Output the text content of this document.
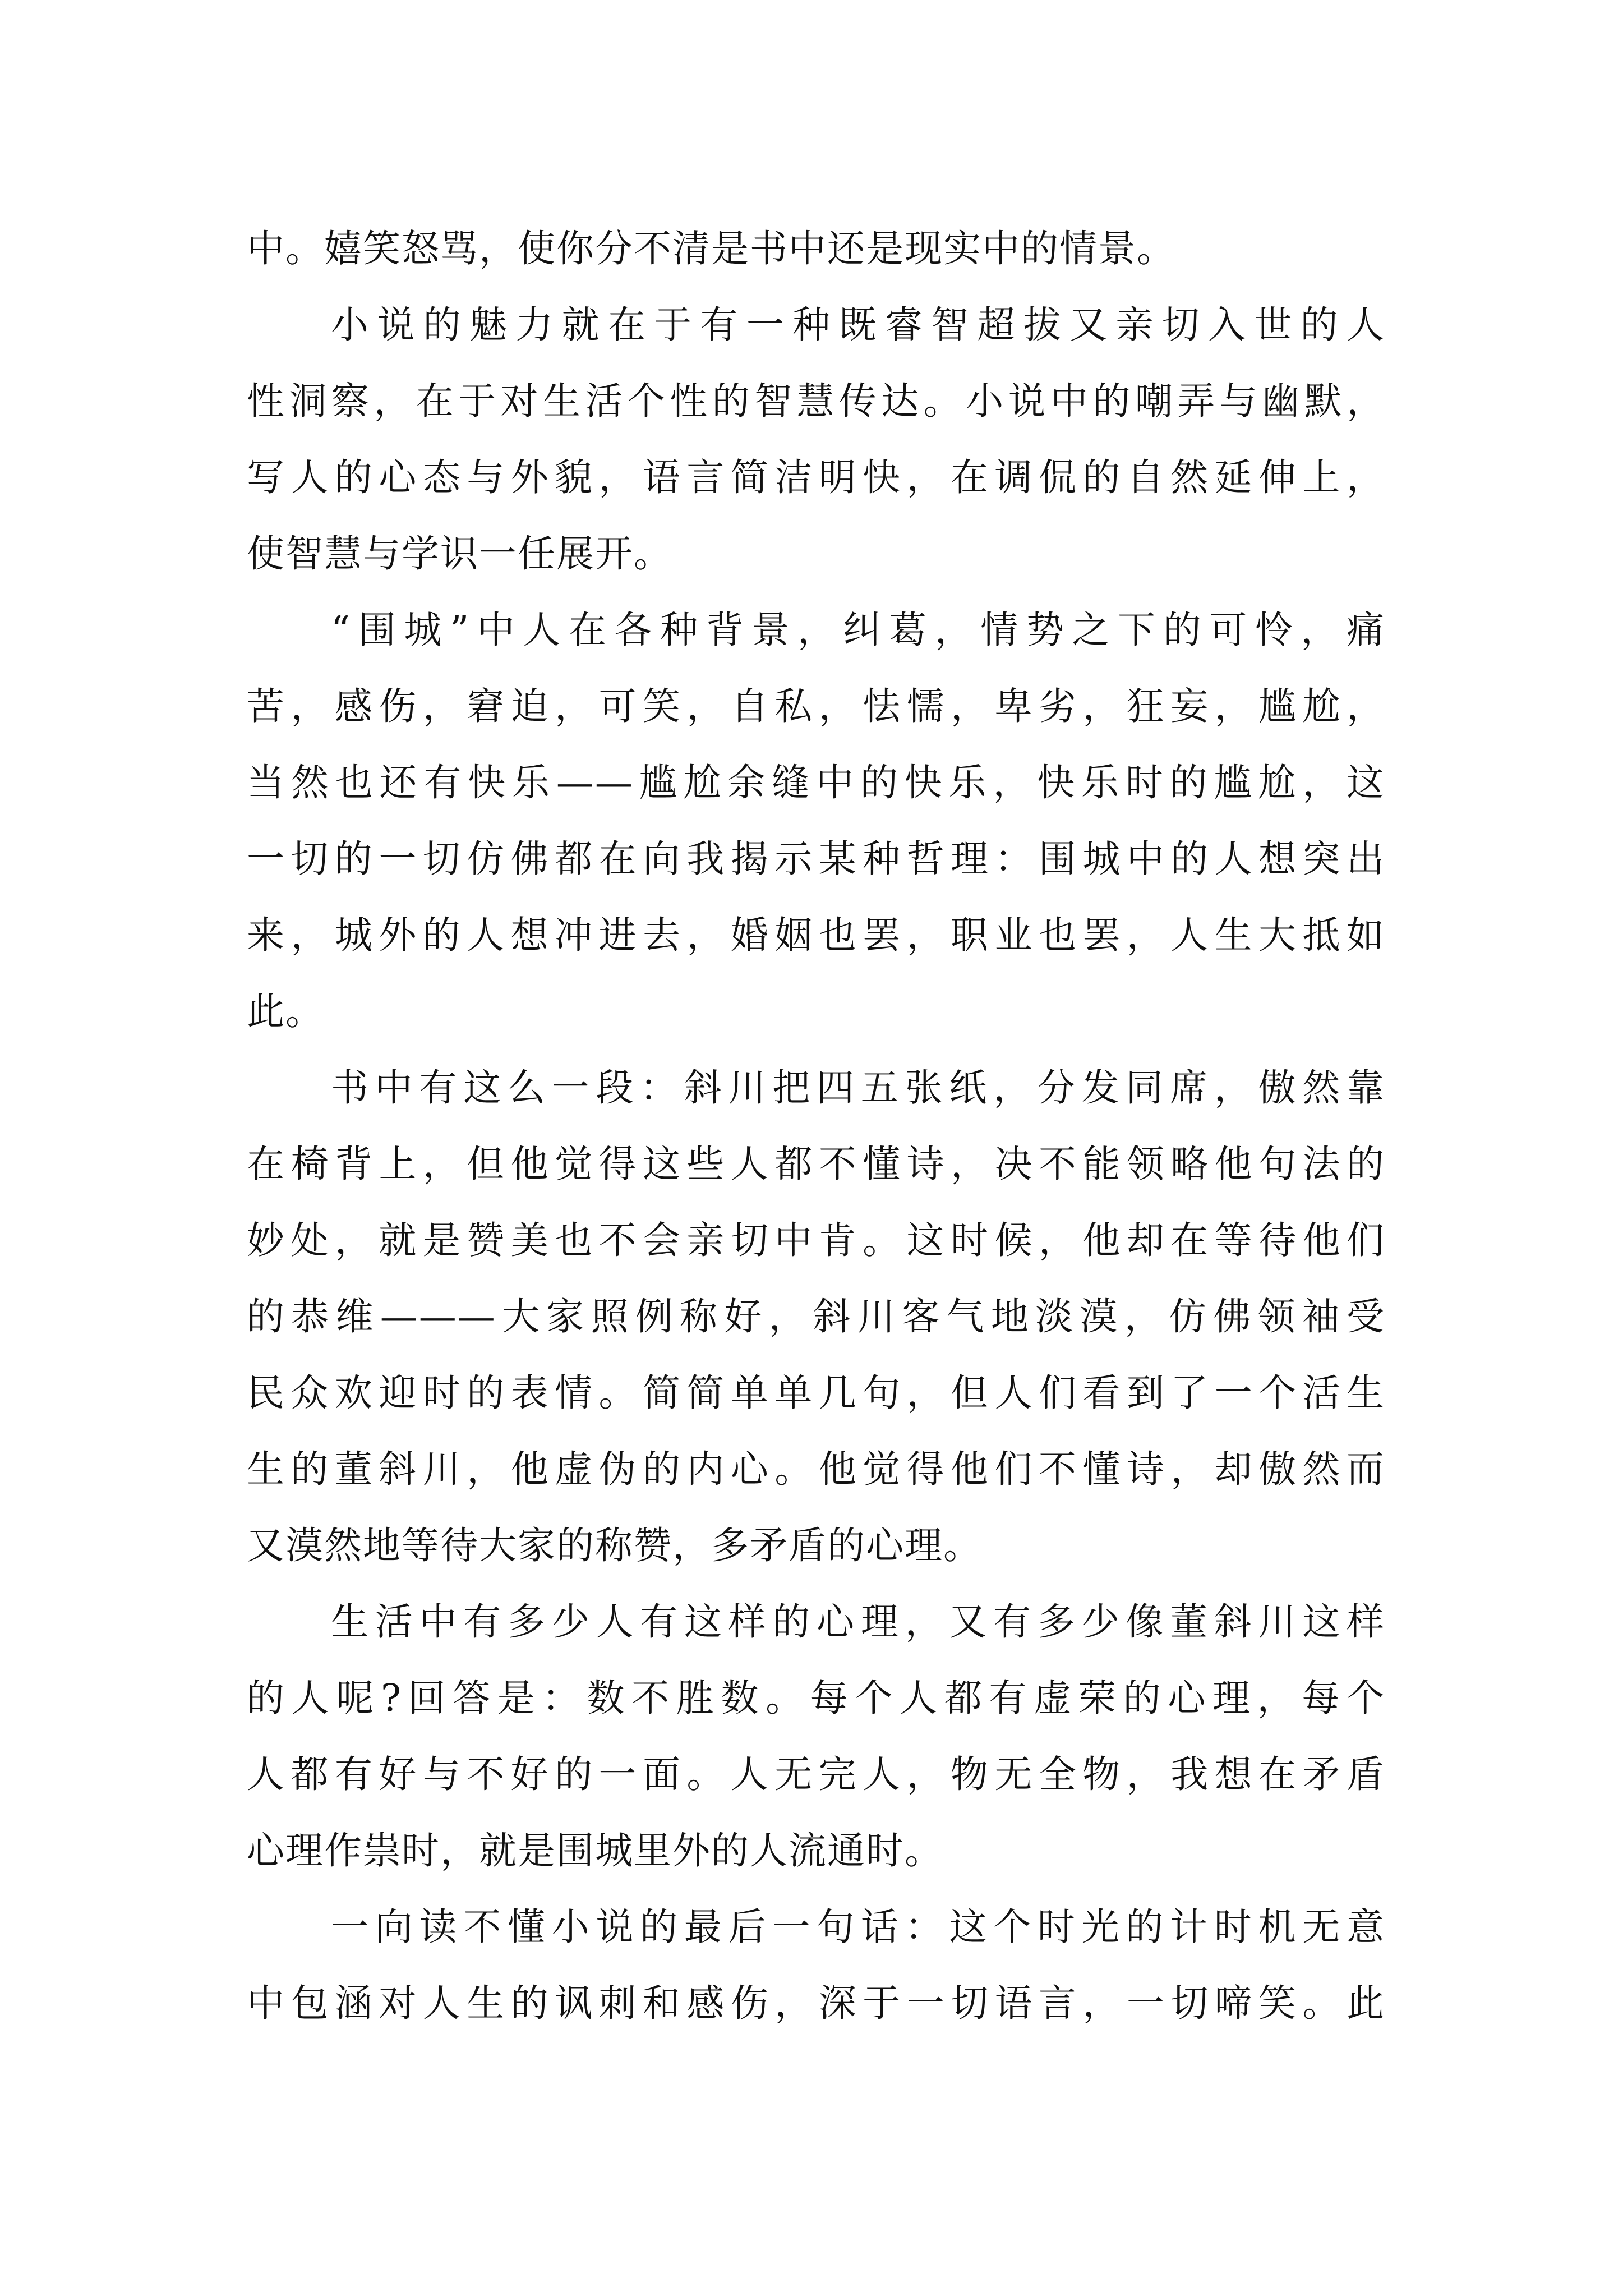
中。嬉笑怒骂，使你分不清是书中还是现实中的情景。
小说的魅力就在于有一种既睿智超拔又亲切入世的人
性洞察，在于对生活个性的智慧传达。小说中的嘲弄与幽默，
写人的心态与外貌，语言简洁明快，在调侃的自然延伸上，
使智慧与学识一任展开。
“围城”中人在各种背景，纠葛，情势之下的可怜，痛
苦，感伤，窘迫，可笑，自私，怯懦，卑劣，狂妄，尴尬，
当然也还有快乐——尴尬余缝中的快乐，快乐时的尴尬，这
一切的一切仿佛都在向我揭示某种哲理：围城中的人想突出
来，城外的人想冲进去，婚姻也罢，职业也罢，人生大抵如
此。
书中有这么一段：斜川把四五张纸，分发同席，傲然靠
在椅背上，但他觉得这些人都不懂诗，决不能领略他句法的
妙处，就是赞美也不会亲切中肯。这时候，他却在等待他们
的恭维———大家照例称好，斜川客气地淡漠，仿佛领袖受
民众欢迎时的表情。简简单单几句，但人们看到了一个活生
生的董斜川，他虚伪的内心。他觉得他们不懂诗，却傲然而
又漠然地等待大家的称赞，多矛盾的心理。
生活中有多少人有这样的心理，又有多少像董斜川这样
的人呢?回答是：数不胜数。每个人都有虚荣的心理，每个
人都有好与不好的一面。人无完人，物无全物，我想在矛盾
心理作祟时，就是围城里外的人流通时。
一向读不懂小说的最后一句话：这个时光的计时机无意
中包涵对人生的讽刺和感伤，深于一切语言，一切啼笑。此
